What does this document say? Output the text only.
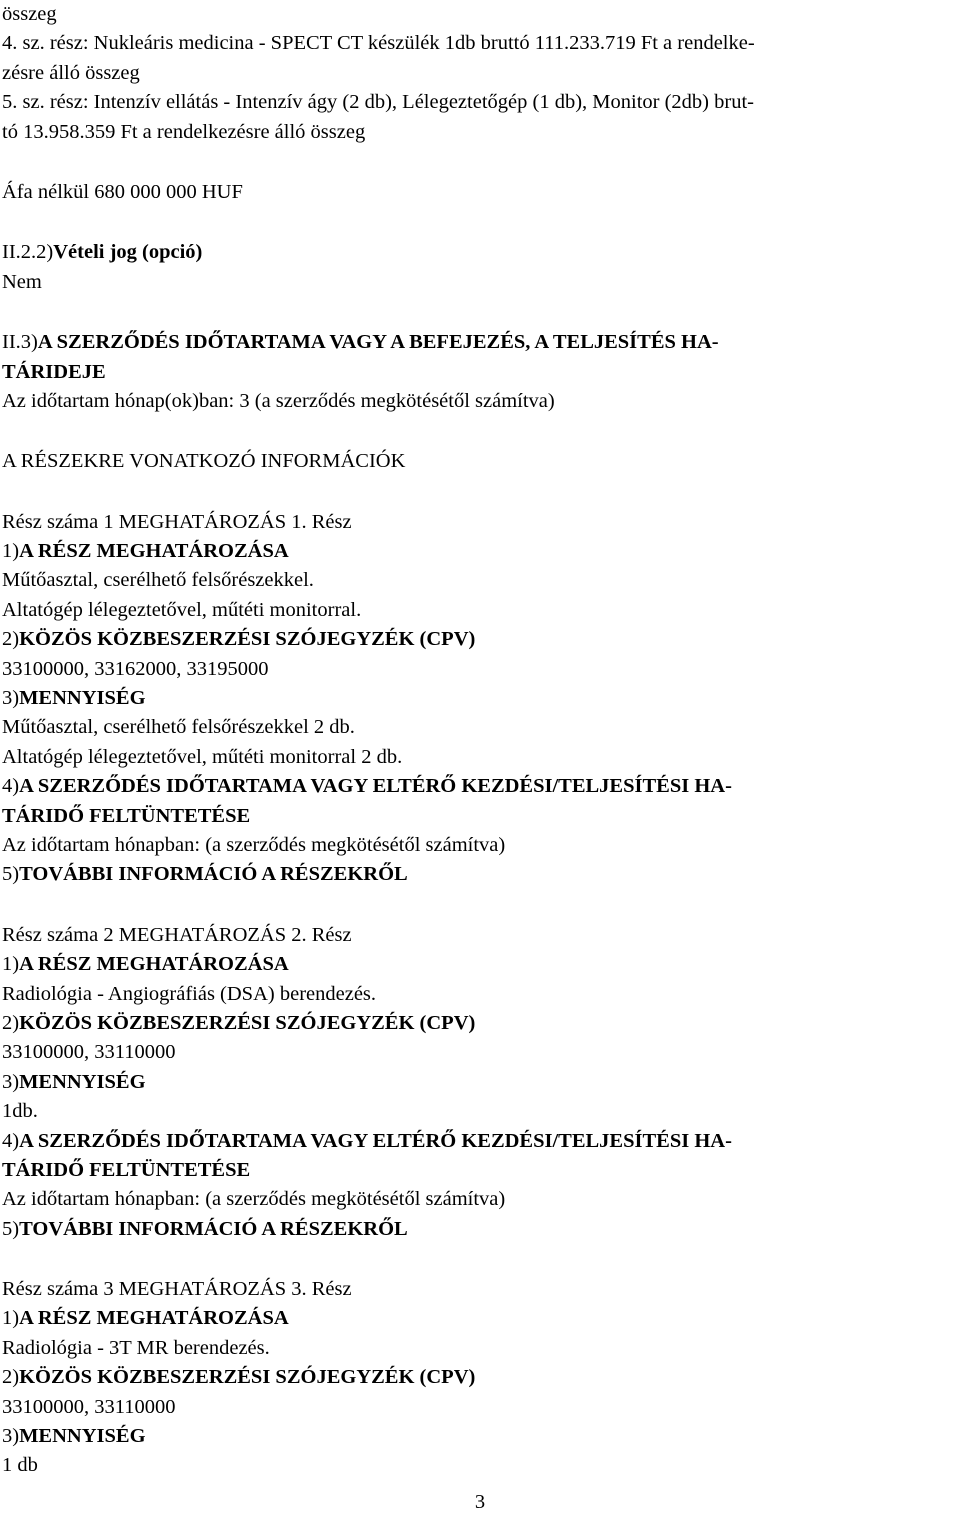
összeg
4. sz. rész: Nukleáris medicina - SPECT CT készülék 1db bruttó 111.233.719 Ft a rendelke-
zésre álló összeg
5. sz. rész: Intenzív ellátás - Intenzív ágy (2 db), Lélegeztetőgép (1 db), Monitor (2db) brut-
tó 13.958.359 Ft a rendelkezésre álló összeg
Áfa nélkül 680 000 000 HUF
II.2.2)Vételi jog (opció)
Nem
II.3)A SZERZŐDÉS IDŐTARTAMA VAGY A BEFEJEZÉS, A TELJESÍTÉS HA-
TÁRIDEJE
Az időtartam hónap(ok)ban: 3 (a szerződés megkötésétől számítva)
A RÉSZEKRE VONATKOZÓ INFORMÁCIÓK
Rész száma 1 MEGHATÁROZÁS 1. Rész
1)A RÉSZ MEGHATÁROZÁSA
Műtőasztal, cserélhető felsőrészekkel.
Altatógép lélegeztetővel, műtéti monitorral.
2)KÖZÖS KÖZBESZERZÉSI SZÓJEGYZÉK (CPV)
33100000, 33162000, 33195000
3)MENNYISÉG
Műtőasztal, cserélhető felsőrészekkel 2 db.
Altatógép lélegeztetővel, műtéti monitorral 2 db.
4)A SZERZŐDÉS IDŐTARTAMA VAGY ELTÉRŐ KEZDÉSI/TELJESÍTÉSI HA-
TÁRIDŐ FELTÜNTETÉSE
Az időtartam hónapban: (a szerződés megkötésétől számítva)
5)TOVÁBBI INFORMÁCIÓ A RÉSZEKRŐL
Rész száma 2 MEGHATÁROZÁS 2. Rész
1)A RÉSZ MEGHATÁROZÁSA
Radiológia - Angiográfiás (DSA) berendezés.
2)KÖZÖS KÖZBESZERZÉSI SZÓJEGYZÉK (CPV)
33100000, 33110000
3)MENNYISÉG
1db.
4)A SZERZŐDÉS IDŐTARTAMA VAGY ELTÉRŐ KEZDÉSI/TELJESÍTÉSI HA-
TÁRIDŐ FELTÜNTETÉSE
Az időtartam hónapban: (a szerződés megkötésétől számítva)
5)TOVÁBBI INFORMÁCIÓ A RÉSZEKRŐL
Rész száma 3 MEGHATÁROZÁS 3. Rész
1)A RÉSZ MEGHATÁROZÁSA
Radiológia - 3T MR berendezés.
2)KÖZÖS KÖZBESZERZÉSI SZÓJEGYZÉK (CPV)
33100000, 33110000
3)MENNYISÉG
1 db
3
